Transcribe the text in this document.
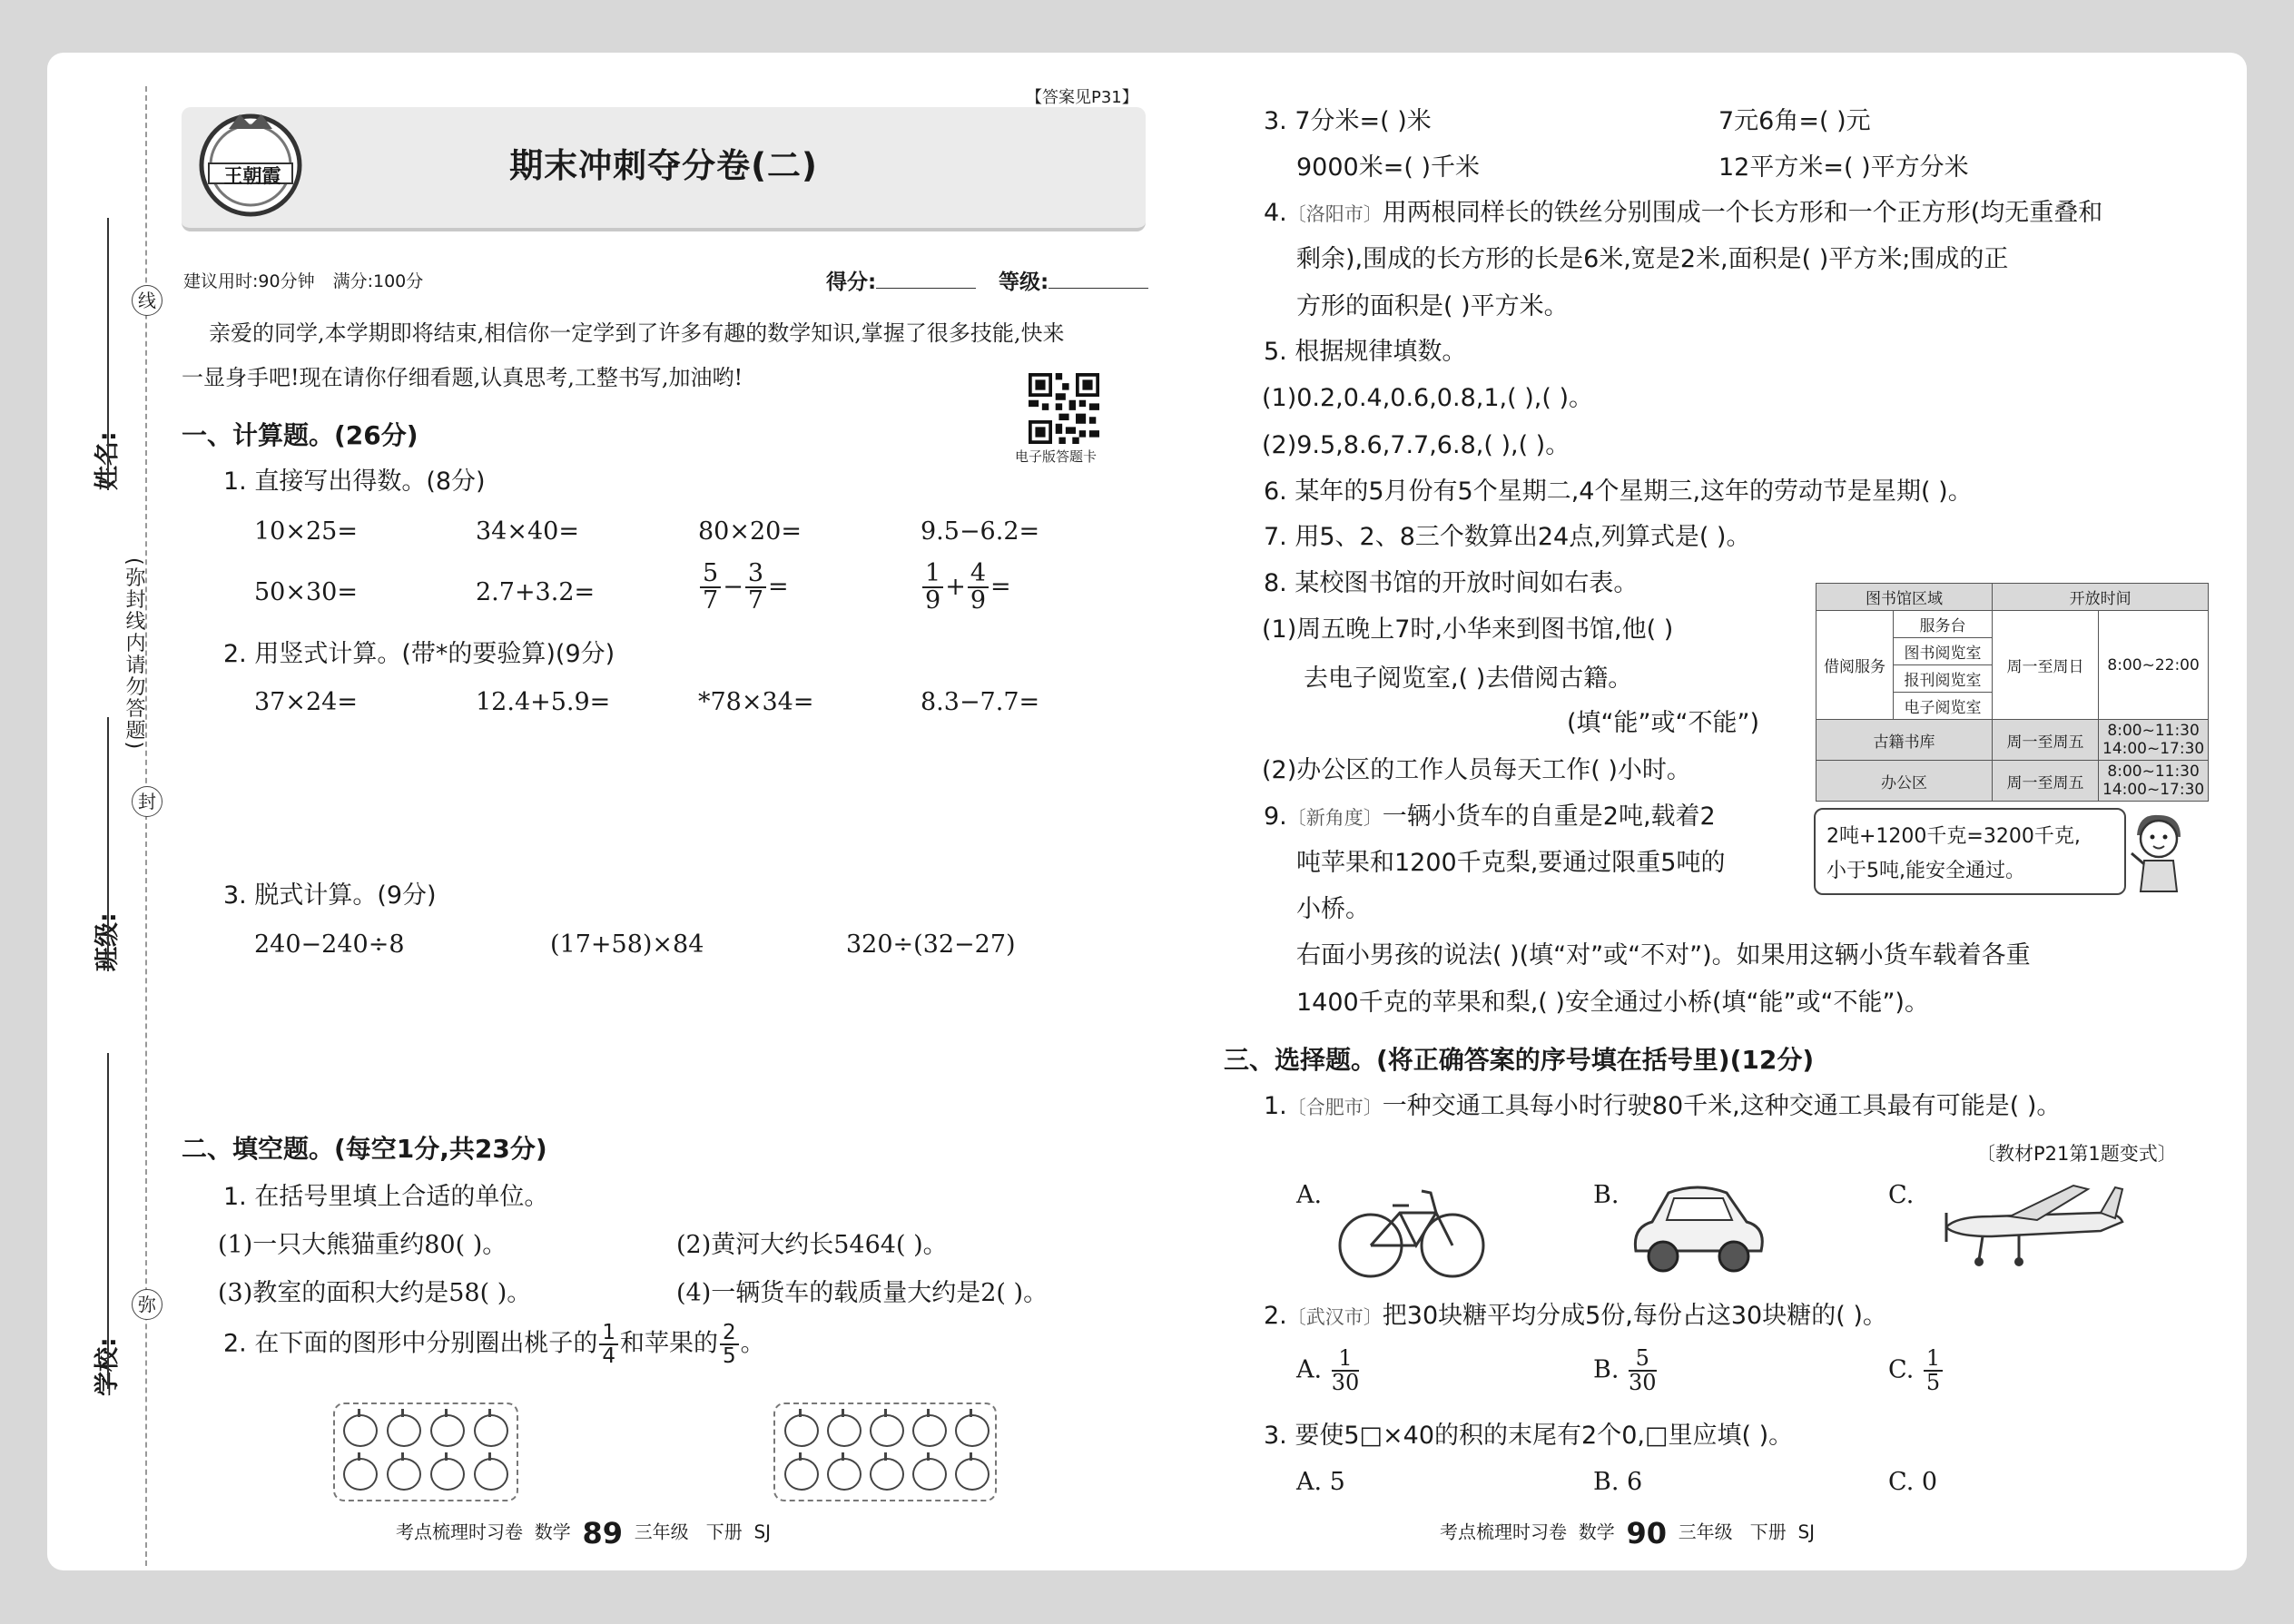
线
封
弥
(弥封线内请勿答题)
姓名:
班级:
学校:
【答案见P31】
王朝霞	期末冲刺夺分卷(二)
建议用时:90分钟 满分:100分	得分:	等级:
亲爱的同学,本学期即将结束,相信你一定学到了许多有趣的数学知识,掌握了很多技能,快来
一显身手吧!现在请你仔细看题,认真思考,工整书写,加油哟!
电子版答题卡
一、计算题。(26分)
1. 直接写出得数。(8分)
10×25=	34×40=	80×20=	9.5−6.2=
50×30=	2.7+3.2=	$\frac{5}{7} - \frac{3}{7}$ =	$\frac{1}{9} + \frac{4}{9}$ =
2. 用竖式计算。(带*的要验算)(9分)
37×24=	12.4+5.9=	*78×34=	8.3−7.7=
3. 脱式计算。(9分)
240−240÷8	(17+58)×84	320÷(32−27)
二、填空题。(每空1分,共23分)
1. 在括号里填上合适的单位。
(1)一只大熊猫重约80( )。	(2)黄河大约长5464( )。
(3)教室的面积大约是58( )。	(4)一辆货车的载质量大约是2( )。
2. 在下面的图形中分别圈出桃子的 $\frac{1}{4}$ 和苹果的 $\frac{2}{5}$ 。
考点梳理时习卷 数学 89 三年级 下册 SJ
3. 7分米=( )米	7元6角=( )元
9000米=( )千米	12平方米=( )平方分米
4.〔洛阳市〕用两根同样长的铁丝分别围成一个长方形和一个正方形(均无重叠和
剩余),围成的长方形的长是6米,宽是2米,面积是( )平方米;围成的正
方形的面积是( )平方米。
5. 根据规律填数。
(1)0.2,0.4,0.6,0.8,1,( ),( )。
(2)9.5,8.6,7.7,6.8,( ),( )。
6. 某年的5月份有5个星期二,4个星期三,这年的劳动节是星期( )。
7. 用5、2、8三个数算出24点,列算式是( )。
8. 某校图书馆的开放时间如右表。
(1)周五晚上7时,小华来到图书馆,他( )
去电子阅览室,( )去借阅古籍。
(填“能”或“不能”)
(2)办公区的工作人员每天工作( )小时。
图书馆区域		开放时间	
借阅服务	服务台	周一至周日	8:00~22:00
	图书阅览室		
	报刊阅览室		
	电子阅览室		
古籍书库		周一至周五	8:00~11:30
14:00~17:30
办公区		周一至周五	8:00~11:30
14:00~17:30
9.〔新角度〕一辆小货车的自重是2吨,载着2
吨苹果和1200千克梨,要通过限重5吨的
小桥。
右面小男孩的说法( )(填“对”或“不对”)。如果用这辆小货车载着各重
1400千克的苹果和梨,( )安全通过小桥(填“能”或“不能”)。
2吨+1200千克=3200千克,
小于5吨,能安全通过。
三、选择题。(将正确答案的序号填在括号里)(12分)
1.〔合肥市〕一种交通工具每小时行驶80千米,这种交通工具最有可能是( )。
〔教材P21第1题变式〕
A.	B.	C.
2.〔武汉市〕把30块糖平均分成5份,每份占这30块糖的( )。
A. $\frac{1}{30}$	B. $\frac{5}{30}$	C. $\frac{1}{5}$
3. 要使5□×40的积的末尾有2个0,□里应填( )。
A. 5	B. 6	C. 0
考点梳理时习卷 数学 90 三年级 下册 SJ
